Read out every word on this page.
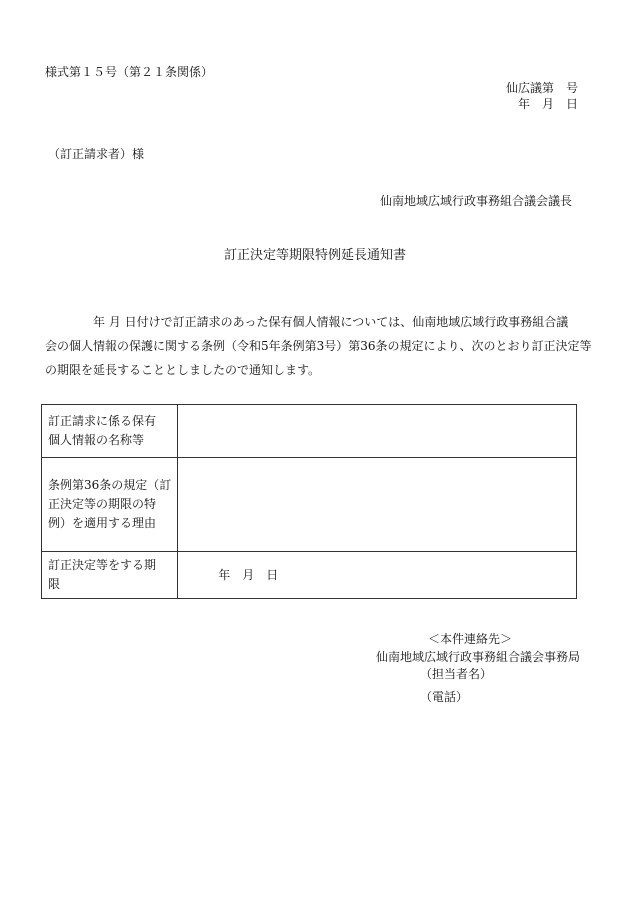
様式第１５号（第２１条関係）
仙広議第　号
年　月　日
（訂正請求者）様
仙南地域広域行政事務組合議会議長
訂正決定等期限特例延長通知書

年 月 日付けで訂正請求のあった保有個人情報については、仙南地域広域行政事務組合議

会の個人情報の保護に関する条例（令和5年条例第3号）第36条の規定により、次のとおり訂正決定等

の期限を延長することとしましたので通知します。

訂正請求に係る保有
個人情報の名称等	

条例第36条の規定（訂
正決定等の期限の特
例）を適用する理由	

訂正決定等をする期
限	年　月　日
＜本件連絡先＞
仙南地域広域行政事務組合議会事務局
（担当者名）
（電話）
